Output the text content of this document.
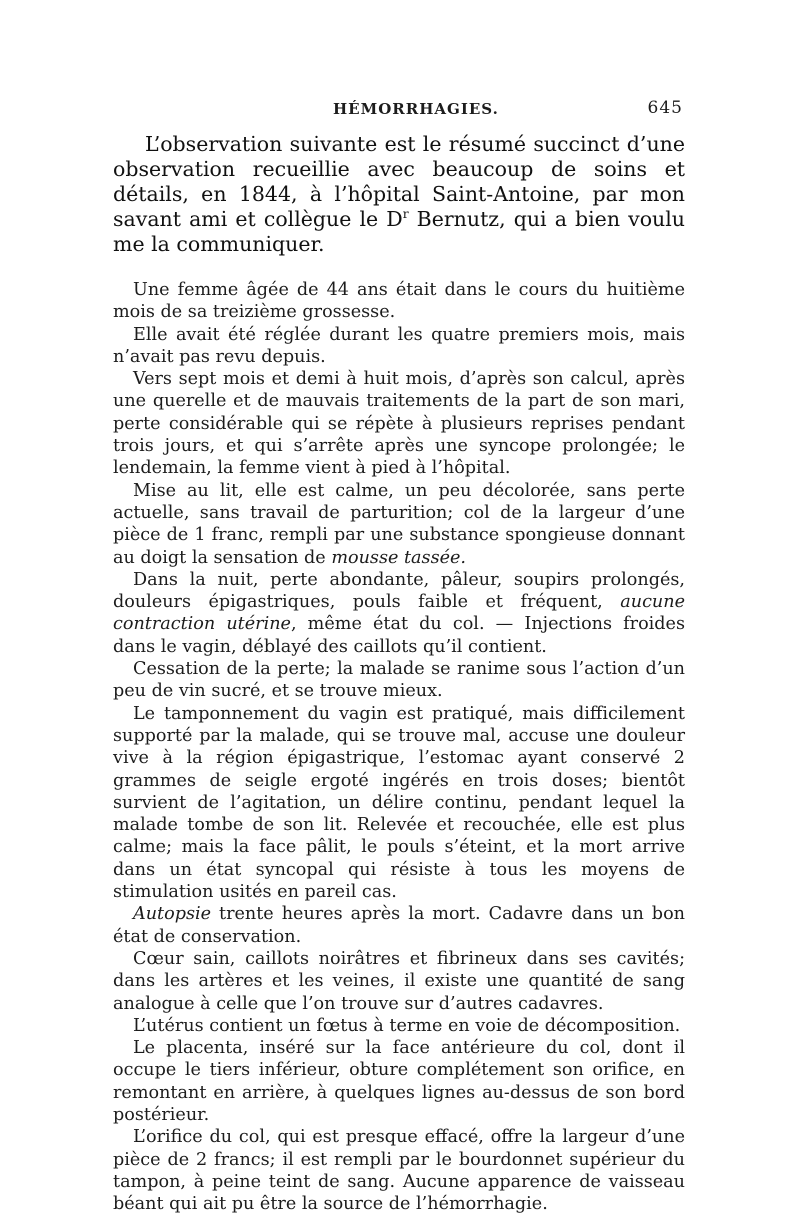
HÉMORRHAGIES.	645

L’observation suivante est le résumé succinct d’une observation recueillie avec beaucoup de soins et détails, en 1844, à l’hôpital Saint-Antoine, par mon savant ami et collègue le $D^r$ Bernutz, qui a bien voulu me la communiquer.

Une femme âgée de 44 ans était dans le cours du huitième mois de sa treizième grossesse.

Elle avait été réglée durant les quatre premiers mois, mais n’avait pas revu depuis.

Vers sept mois et demi à huit mois, d’après son calcul, après une querelle et de mauvais traitements de la part de son mari, perte considérable qui se répète à plusieurs reprises pendant trois jours, et qui s’arrête après une syncope prolongée; le lendemain, la femme vient à pied à l’hôpital.

Mise au lit, elle est calme, un peu décolorée, sans perte actuelle, sans travail de parturition; col de la largeur d’une pièce de 1 franc, rempli par une substance spongieuse donnant au doigt la sensation de mousse tassée.

Dans la nuit, perte abondante, pâleur, soupirs prolongés, douleurs épigastriques, pouls faible et fréquent, aucune contraction utérine, même état du col. — Injections froides dans le vagin, déblayé des caillots qu’il contient.

Cessation de la perte; la malade se ranime sous l’action d’un peu de vin sucré, et se trouve mieux.

Le tamponnement du vagin est pratiqué, mais difficilement supporté par la malade, qui se trouve mal, accuse une douleur vive à la région épigastrique, l’estomac ayant conservé 2 grammes de seigle ergoté ingérés en trois doses; bientôt survient de l’agitation, un délire continu, pendant lequel la malade tombe de son lit. Relevée et recouchée, elle est plus calme; mais la face pâlit, le pouls s’éteint, et la mort arrive dans un état syncopal qui résiste à tous les moyens de stimulation usités en pareil cas.

Autopsie trente heures après la mort. Cadavre dans un bon état de conservation.

Cœur sain, caillots noirâtres et fibrineux dans ses cavités; dans les artères et les veines, il existe une quantité de sang analogue à celle que l’on trouve sur d’autres cadavres.

L’utérus contient un fœtus à terme en voie de décomposition.

Le placenta, inséré sur la face antérieure du col, dont il occupe le tiers inférieur, obture complétement son orifice, en remontant en arrière, à quelques lignes au-dessus de son bord postérieur.

L’orifice du col, qui est presque effacé, offre la largeur d’une pièce de 2 francs; il est rempli par le bourdonnet supérieur du tampon, à peine teint de sang. Aucune apparence de vaisseau béant qui ait pu être la source de l’hémorrhagie.
